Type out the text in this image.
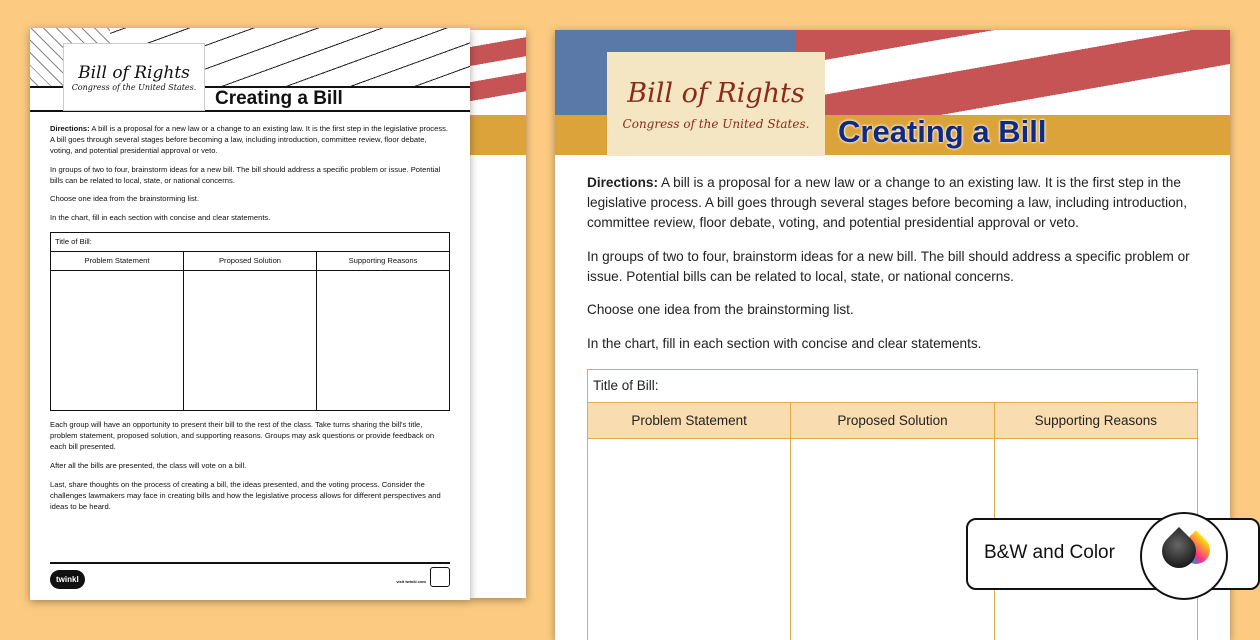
Bill of Rights
Congress of the United States.
Creating a Bill

Directions: A bill is a proposal for a new law or a change to an existing law. It is the first step in the legislative process. A bill goes through several stages before becoming a law, including introduction, committee review, floor debate, voting, and potential presidential approval or veto.

In groups of two to four, brainstorm ideas for a new bill. The bill should address a specific problem or issue. Potential bills can be related to local, state, or national concerns.

Choose one idea from the brainstorming list.

In the chart, fill in each section with concise and clear statements.

Title of Bill:		
Problem Statement	Proposed Solution	Supporting Reasons

Each group will have an opportunity to present their bill to the rest of the class. Take turns sharing the bill's title, problem statement, proposed solution, and supporting reasons. Groups may ask questions or provide feedback on each bill presented.

After all the bills are presented, the class will vote on a bill.

Last, share thoughts on the process of creating a bill, the ideas presented, and the voting process. Consider the challenges lawmakers may face in creating bills and how the legislative process allows for different perspectives and ideas to be heard.

twinkl	visit twinkl.com
Bill of Rights
Congress of the United States. Creating a Bill

Directions: A bill is a proposal for a new law or a change to an existing law. It is the first step in the legislative process. A bill goes through several stages before becoming a law, including introduction, committee review, floor debate, voting, and potential presidential approval or veto.

In groups of two to four, brainstorm ideas for a new bill. The bill should address a specific problem or issue. Potential bills can be related to local, state, or national concerns.

Choose one idea from the brainstorming list.

In the chart, fill in each section with concise and clear statements.

Title of Bill:		
Problem Statement	Proposed Solution	Supporting Reasons

B&W and Color
